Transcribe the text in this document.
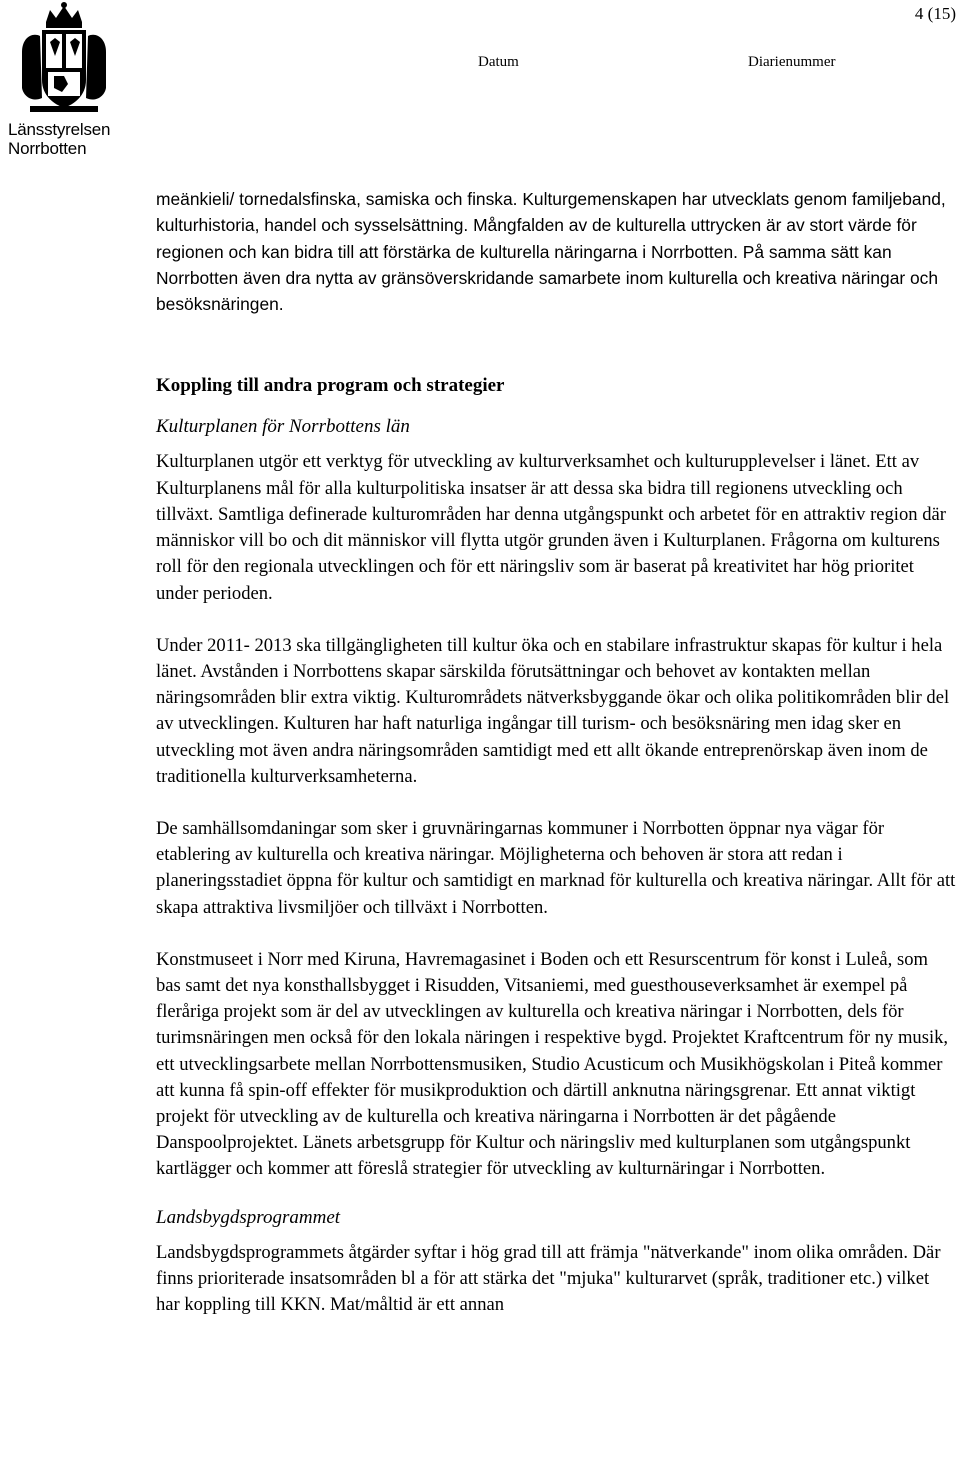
4 (15)
Länsstyrelsen
Norrbotten
Datum	Diarienummer

meänkieli/ tornedalsfinska, samiska och finska. Kulturgemenskapen har utvecklats genom familjeband, kulturhistoria, handel och sysselsättning. Mångfalden av de kulturella uttrycken är av stort värde för regionen och kan bidra till att förstärka de kulturella näringarna i Norrbotten. På samma sätt kan Norrbotten även dra nytta av gränsöverskridande samarbete inom kulturella och kreativa näringar och besöksnäringen.

Koppling till andra program och strategier
Kulturplanen för Norrbottens län

Kulturplanen utgör ett verktyg för utveckling av kulturverksamhet och kulturupplevelser i länet. Ett av Kulturplanens mål för alla kulturpolitiska insatser är att dessa ska bidra till regionens utveckling och tillväxt. Samtliga definerade kulturområden har denna utgångspunkt och arbetet för en attraktiv region där människor vill bo och dit människor vill flytta utgör grunden även i Kulturplanen. Frågorna om kulturens roll för den regionala utvecklingen och för ett näringsliv som är baserat på kreativitet har hög prioritet under perioden.

Under 2011- 2013 ska tillgängligheten till kultur öka och en stabilare infrastruktur skapas för kultur i hela länet. Avstånden i Norrbottens skapar särskilda förutsättningar och behovet av kontakten mellan näringsområden blir extra viktig. Kulturområdets nätverksbyggande ökar och olika politikområden blir del av utvecklingen. Kulturen har haft naturliga ingångar till turism- och besöksnäring men idag sker en utveckling mot även andra näringsområden samtidigt med ett allt ökande entreprenörskap även inom de traditionella kulturverksamheterna.

De samhällsomdaningar som sker i gruvnäringarnas kommuner i Norrbotten öppnar nya vägar för etablering av kulturella och kreativa näringar. Möjligheterna och behoven är stora att redan i planeringsstadiet öppna för kultur och samtidigt en marknad för kulturella och kreativa näringar. Allt för att skapa attraktiva livsmiljöer och tillväxt i Norrbotten.

Konstmuseet i Norr med Kiruna, Havremagasinet i Boden och ett Resurscentrum för konst i Luleå, som bas samt det nya konsthallsbygget i Risudden, Vitsaniemi, med guesthouseverksamhet är exempel på fleråriga projekt som är del av utvecklingen av kulturella och kreativa näringar i Norrbotten, dels för turimsnäringen men också för den lokala näringen i respektive bygd. Projektet Kraftcentrum för ny musik, ett utvecklingsarbete mellan Norrbottensmusiken, Studio Acusticum och Musikhögskolan i Piteå kommer att kunna få spin-off effekter för musikproduktion och därtill anknutna näringsgrenar. Ett annat viktigt projekt för utveckling av de kulturella och kreativa näringarna i Norrbotten är det pågående Danspoolprojektet. Länets arbetsgrupp för Kultur och näringsliv med kulturplanen som utgångspunkt kartlägger och kommer att föreslå strategier för utveckling av kulturnäringar i Norrbotten.

Landsbygdsprogrammet

Landsbygdsprogrammets åtgärder syftar i hög grad till att främja "nätverkande" inom olika områden. Där finns prioriterade insatsområden bl a för att stärka det "mjuka" kulturarvet (språk, traditioner etc.) vilket har koppling till KKN. Mat/måltid är ett annan
